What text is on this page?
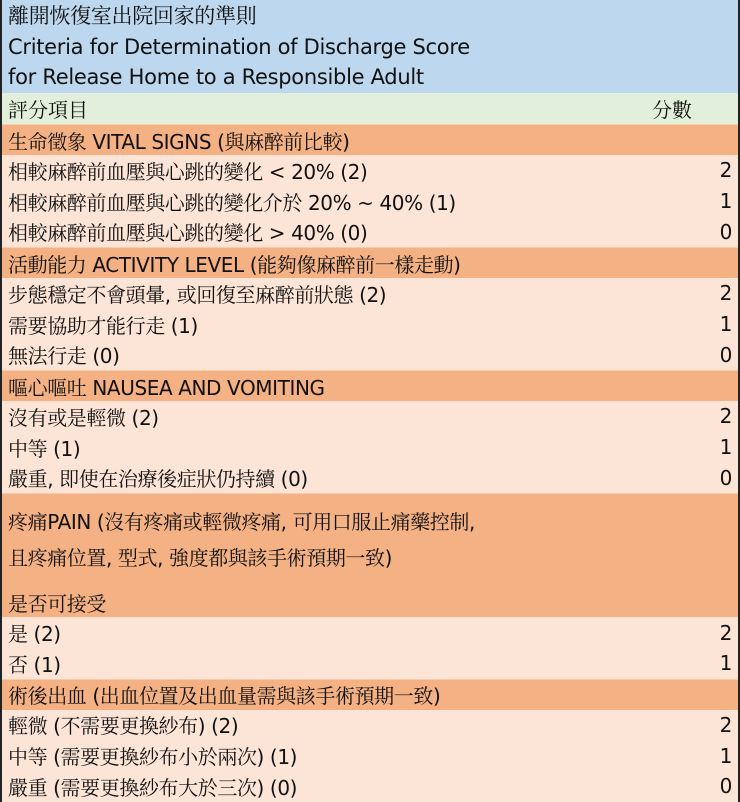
離開恢復室出院回家的準則
Criteria for Determination of Discharge Score
for Release Home to a Responsible Adult
評分項目	分數
生命徵象 VITAL SIGNS (與麻醉前比較)
相較麻醉前血壓與心跳的變化 < 20% (2)	2
相較麻醉前血壓與心跳的變化介於 20% ~ 40% (1)	1
相較麻醉前血壓與心跳的變化 > 40% (0)	0
活動能力 ACTIVITY LEVEL (能夠像麻醉前一樣走動)
步態穩定不會頭暈, 或回復至麻醉前狀態 (2)	2
需要協助才能行走 (1)	1
無法行走 (0)	0
嘔心嘔吐 NAUSEA AND VOMITING
沒有或是輕微 (2)	2
中等 (1)	1
嚴重, 即使在治療後症狀仍持續 (0)	0
疼痛PAIN (沒有疼痛或輕微疼痛, 可用口服止痛藥控制,
且疼痛位置, 型式, 強度都與該手術預期一致)
是否可接受
是 (2)	2
否 (1)	1
術後出血 (出血位置及出血量需與該手術預期一致)
輕微 (不需要更換紗布) (2)	2
中等 (需要更換紗布小於兩次) (1)	1
嚴重 (需要更換紗布大於三次) (0)	0
